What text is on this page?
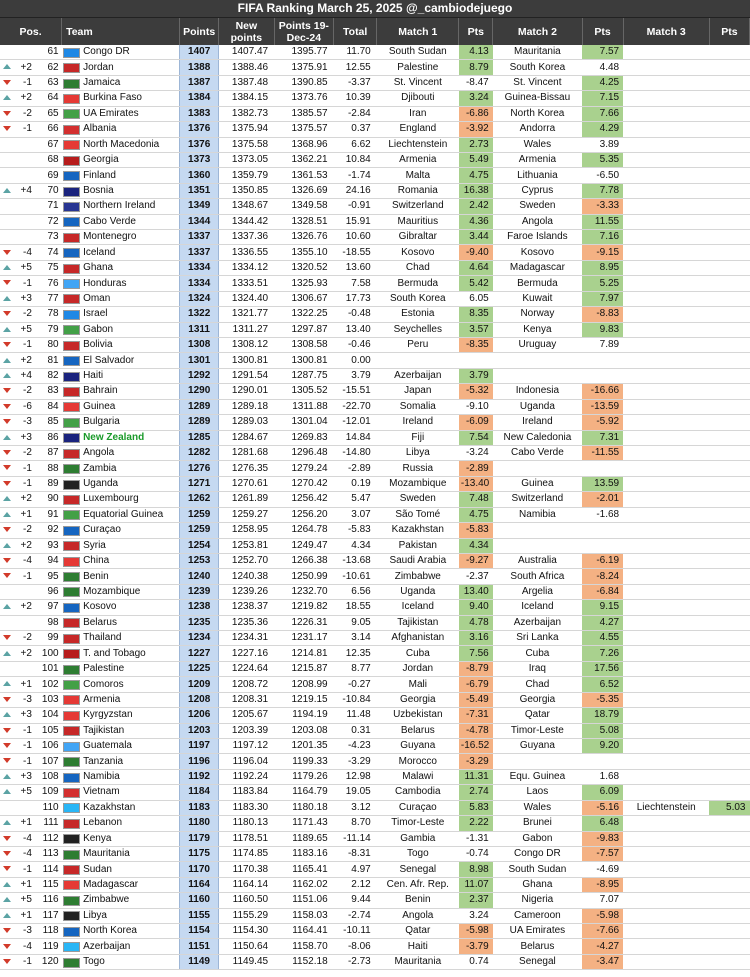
FIFA Ranking March 25, 2025 @_cambiodejuego
Pos.			Team		Points	New points	Points 19-Dec-24	Total	Match 1	Pts	Match 2	Pts	Match 3	Pts
		61		Congo DR	1407	1407.47	1395.77	11.70	South Sudan	4.13	Mauritania	7.57		
	+2	62		Jordan	1388	1388.46	1375.91	12.55	Palestine	8.79	South Korea	4.48		
	-1	63		Jamaica	1387	1387.48	1390.85	-3.37	St. Vincent	-8.47	St. Vincent	4.25		
	+2	64		Burkina Faso	1384	1384.15	1373.76	10.39	Djibouti	3.24	Guinea-Bissau	7.15		
	-2	65		UA Emirates	1383	1382.73	1385.57	-2.84	Iran	-6.86	North Korea	7.66		
	-1	66		Albania	1376	1375.94	1375.57	0.37	England	-3.92	Andorra	4.29		
		67		North Macedonia	1376	1375.58	1368.96	6.62	Liechtenstein	2.73	Wales	3.89		
		68		Georgia	1373	1373.05	1362.21	10.84	Armenia	5.49	Armenia	5.35		
		69		Finland	1360	1359.79	1361.53	-1.74	Malta	4.75	Lithuania	-6.50		
	+4	70		Bosnia	1351	1350.85	1326.69	24.16	Romania	16.38	Cyprus	7.78		
		71		Northern Ireland	1349	1348.67	1349.58	-0.91	Switzerland	2.42	Sweden	-3.33		
		72		Cabo Verde	1344	1344.42	1328.51	15.91	Mauritius	4.36	Angola	11.55		
		73		Montenegro	1337	1337.36	1326.76	10.60	Gibraltar	3.44	Faroe Islands	7.16		
	-4	74		Iceland	1337	1336.55	1355.10	-18.55	Kosovo	-9.40	Kosovo	-9.15		
	+5	75		Ghana	1334	1334.12	1320.52	13.60	Chad	4.64	Madagascar	8.95		
	-1	76		Honduras	1334	1333.51	1325.93	7.58	Bermuda	5.42	Bermuda	5.25		
	+3	77		Oman	1324	1324.40	1306.67	17.73	South Korea	6.05	Kuwait	7.97		
	-2	78		Israel	1322	1321.77	1322.25	-0.48	Estonia	8.35	Norway	-8.83		
	+5	79		Gabon	1311	1311.27	1297.87	13.40	Seychelles	3.57	Kenya	9.83		
	-1	80		Bolivia	1308	1308.12	1308.58	-0.46	Peru	-8.35	Uruguay	7.89		
	+2	81		El Salvador	1301	1300.81	1300.81	0.00						
	+4	82		Haiti	1292	1291.54	1287.75	3.79	Azerbaijan	3.79				
	-2	83		Bahrain	1290	1290.01	1305.52	-15.51	Japan	-5.32	Indonesia	-16.66		
	-6	84		Guinea	1289	1289.18	1311.88	-22.70	Somalia	-9.10	Uganda	-13.59		
	-3	85		Bulgaria	1289	1289.03	1301.04	-12.01	Ireland	-6.09	Ireland	-5.92		
	+3	86		New Zealand	1285	1284.67	1269.83	14.84	Fiji	7.54	New Caledonia	7.31		
	-2	87		Angola	1282	1281.68	1296.48	-14.80	Libya	-3.24	Cabo Verde	-11.55		
	-1	88		Zambia	1276	1276.35	1279.24	-2.89	Russia	-2.89				
	-1	89		Uganda	1271	1270.61	1270.42	0.19	Mozambique	-13.40	Guinea	13.59		
	+2	90		Luxembourg	1262	1261.89	1256.42	5.47	Sweden	7.48	Switzerland	-2.01		
	+1	91		Equatorial Guinea	1259	1259.27	1256.20	3.07	São Tomé	4.75	Namibia	-1.68		
	-2	92		Curaçao	1259	1258.95	1264.78	-5.83	Kazakhstan	-5.83				
	+2	93		Syria	1254	1253.81	1249.47	4.34	Pakistan	4.34				
	-4	94		China	1253	1252.70	1266.38	-13.68	Saudi Arabia	-9.27	Australia	-6.19		
	-1	95		Benin	1240	1240.38	1250.99	-10.61	Zimbabwe	-2.37	South Africa	-8.24		
		96		Mozambique	1239	1239.26	1232.70	6.56	Uganda	13.40	Argelia	-6.84		
	+2	97		Kosovo	1238	1238.37	1219.82	18.55	Iceland	9.40	Iceland	9.15		
		98		Belarus	1235	1235.36	1226.31	9.05	Tajikistan	4.78	Azerbaijan	4.27		
	-2	99		Thailand	1234	1234.31	1231.17	3.14	Afghanistan	3.16	Sri Lanka	4.55		
	+2	100		T. and Tobago	1227	1227.16	1214.81	12.35	Cuba	7.56	Cuba	7.26		
		101		Palestine	1225	1224.64	1215.87	8.77	Jordan	-8.79	Iraq	17.56		
	+1	102		Comoros	1209	1208.72	1208.99	-0.27	Mali	-6.79	Chad	6.52		
	-3	103		Armenia	1208	1208.31	1219.15	-10.84	Georgia	-5.49	Georgia	-5.35		
	+3	104		Kyrgyzstan	1206	1205.67	1194.19	11.48	Uzbekistan	-7.31	Qatar	18.79		
	-1	105		Tajikistan	1203	1203.39	1203.08	0.31	Belarus	-4.78	Timor-Leste	5.08		
	-1	106		Guatemala	1197	1197.12	1201.35	-4.23	Guyana	-16.52	Guyana	9.20		
	-1	107		Tanzania	1196	1196.04	1199.33	-3.29	Morocco	-3.29				
	+3	108		Namibia	1192	1192.24	1179.26	12.98	Malawi	11.31	Equ. Guinea	1.68		
	+5	109		Vietnam	1184	1183.84	1164.79	19.05	Cambodia	2.74	Laos	6.09		
		110		Kazakhstan	1183	1183.30	1180.18	3.12	Curaçao	5.83	Wales	-5.16	Liechtenstein	5.03
	+1	111		Lebanon	1180	1180.13	1171.43	8.70	Timor-Leste	2.22	Brunei	6.48		
	-4	112		Kenya	1179	1178.51	1189.65	-11.14	Gambia	-1.31	Gabon	-9.83		
	-4	113		Mauritania	1175	1174.85	1183.16	-8.31	Togo	-0.74	Congo DR	-7.57		
	-1	114		Sudan	1170	1170.38	1165.41	4.97	Senegal	8.98	South Sudan	-4.69		
	+1	115		Madagascar	1164	1164.14	1162.02	2.12	Cen. Afr. Rep.	11.07	Ghana	-8.95		
	+5	116		Zimbabwe	1160	1160.50	1151.06	9.44	Benin	2.37	Nigeria	7.07		
	+1	117		Libya	1155	1155.29	1158.03	-2.74	Angola	3.24	Cameroon	-5.98		
	-3	118		North Korea	1154	1154.30	1164.41	-10.11	Qatar	-5.98	UA Emirates	-7.66		
	-4	119		Azerbaijan	1151	1150.64	1158.70	-8.06	Haiti	-3.79	Belarus	-4.27		
	-1	120		Togo	1149	1149.45	1152.18	-2.73	Mauritania	0.74	Senegal	-3.47		
